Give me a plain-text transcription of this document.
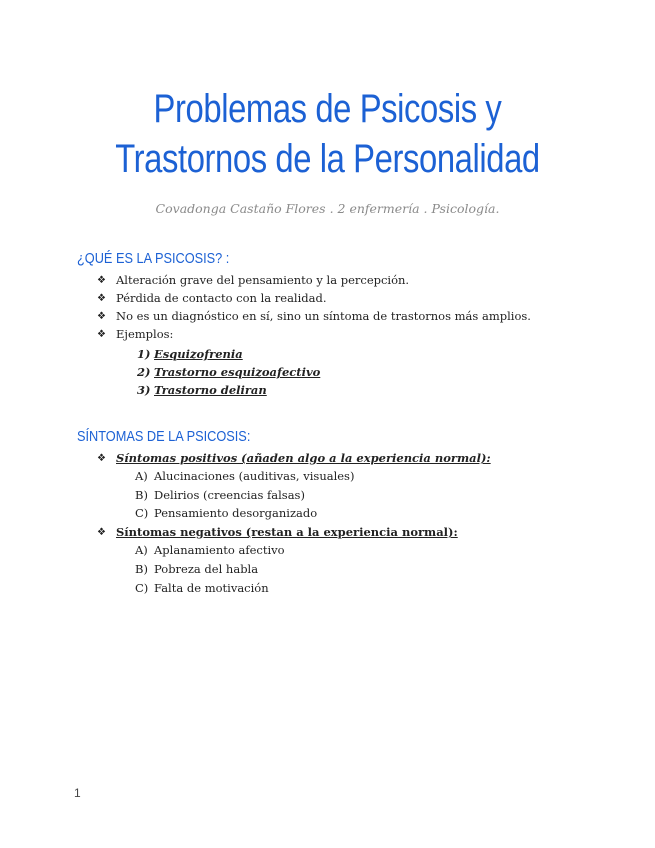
Problemas de Psicosis y
Trastornos de la Personalidad

Covadonga Castaño Flores . 2 enfermería . Psicología.

¿QUÉ ES LA PSICOSIS? :
❖ Alteración grave del pensamiento y la percepción.
❖ Pérdida de contacto con la realidad.
❖ No es un diagnóstico en sí, sino un síntoma de trastornos más amplios.
❖ Ejemplos:
1) Esquizofrenia
2) Trastorno esquizoafectivo
3) Trastorno deliran
SÍNTOMAS DE LA PSICOSIS:
❖ Síntomas positivos (añaden algo a la experiencia normal):
A) Alucinaciones (auditivas, visuales)
B) Delirios (creencias falsas)
C) Pensamiento desorganizado
❖ Síntomas negativos (restan a la experiencia normal):
A) Aplanamiento afectivo
B) Pobreza del habla
C) Falta de motivación
1
